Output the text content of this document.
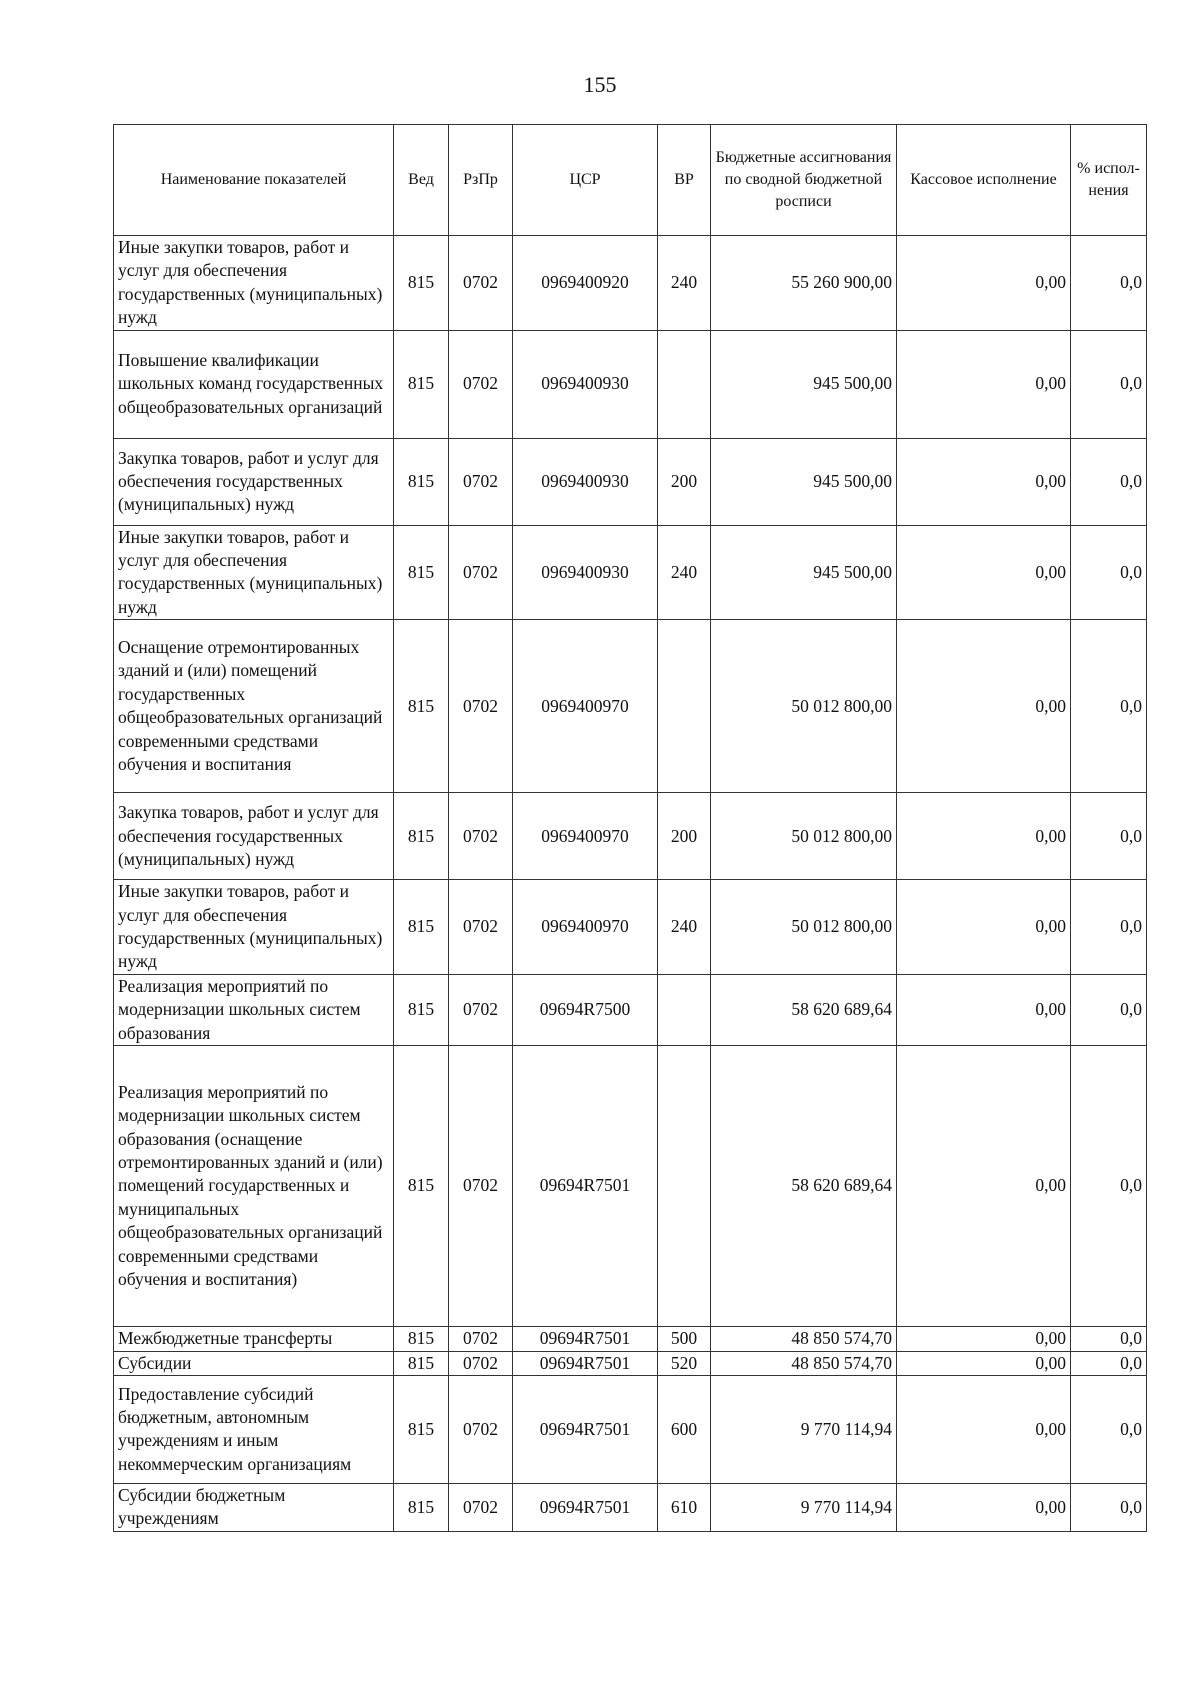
155
Наименование показателей	Вед	РзПр	ЦСР	ВР	Бюджетные ассигнования по сводной бюджетной росписи	Кассовое исполнение	% испол-нения
Иные закупки товаров, работ и услуг для обеспечения государственных (муниципальных) нужд	815	0702	0969400920	240	55 260 900,00	0,00	0,0
Повышение квалификации школьных команд государственных общеобразовательных организаций	815	0702	0969400930		945 500,00	0,00	0,0
Закупка товаров, работ и услуг для обеспечения государственных (муниципальных) нужд	815	0702	0969400930	200	945 500,00	0,00	0,0
Иные закупки товаров, работ и услуг для обеспечения государственных (муниципальных) нужд	815	0702	0969400930	240	945 500,00	0,00	0,0
Оснащение отремонтированных зданий и (или) помещений государственных общеобразовательных организаций современными средствами обучения и воспитания	815	0702	0969400970		50 012 800,00	0,00	0,0
Закупка товаров, работ и услуг для обеспечения государственных (муниципальных) нужд	815	0702	0969400970	200	50 012 800,00	0,00	0,0
Иные закупки товаров, работ и услуг для обеспечения государственных (муниципальных) нужд	815	0702	0969400970	240	50 012 800,00	0,00	0,0
Реализация мероприятий по модернизации школьных систем образования	815	0702	09694R7500		58 620 689,64	0,00	0,0
Реализация мероприятий по модернизации школьных систем образования (оснащение отремонтированных зданий и (или) помещений государственных и муниципальных общеобразовательных организаций современными средствами обучения и воспитания)	815	0702	09694R7501		58 620 689,64	0,00	0,0
Межбюджетные трансферты	815	0702	09694R7501	500	48 850 574,70	0,00	0,0
Субсидии	815	0702	09694R7501	520	48 850 574,70	0,00	0,0
Предоставление субсидий бюджетным, автономным учреждениям и иным некоммерческим организациям	815	0702	09694R7501	600	9 770 114,94	0,00	0,0
Субсидии бюджетным учреждениям	815	0702	09694R7501	610	9 770 114,94	0,00	0,0
